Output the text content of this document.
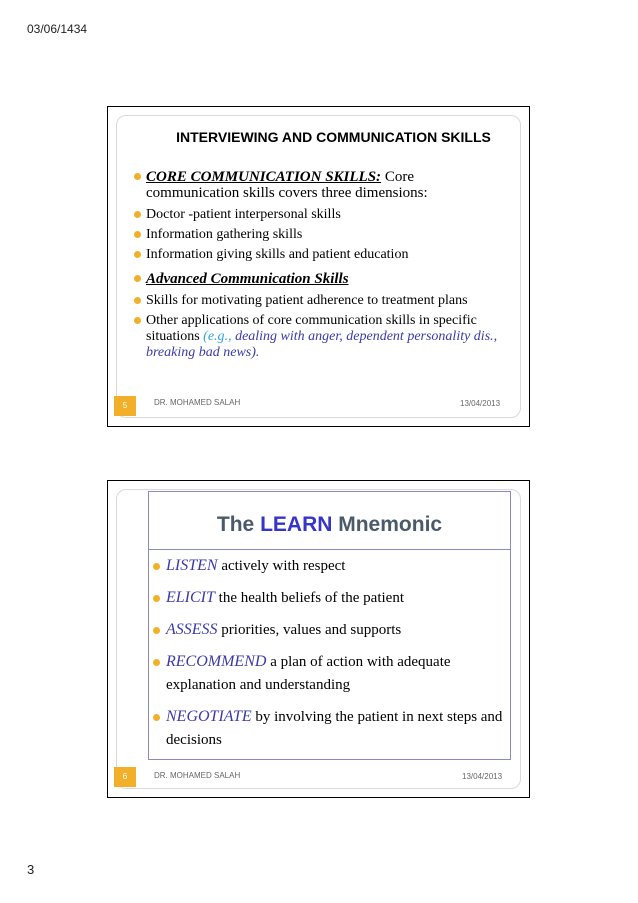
03/06/1434
INTERVIEWING AND COMMUNICATION SKILLS
CORE COMMUNICATION SKILLS: Core communication skills covers three dimensions:
Doctor -patient interpersonal skills
Information gathering skills
Information giving skills and patient education
Advanced Communication Skills
Skills for motivating patient adherence to treatment plans
Other applications of core communication skills in specific situations (e.g., dealing with anger, dependent personality dis., breaking bad news).
5	DR. MOHAMED SALAH	13/04/2013
The LEARN Mnemonic
LISTEN actively with respect
ELICIT the health beliefs of the patient
ASSESS priorities, values and supports
RECOMMEND a plan of action with adequate explanation and understanding
NEGOTIATE by involving the patient in next steps and decisions
6	DR. MOHAMED SALAH	13/04/2013
3
